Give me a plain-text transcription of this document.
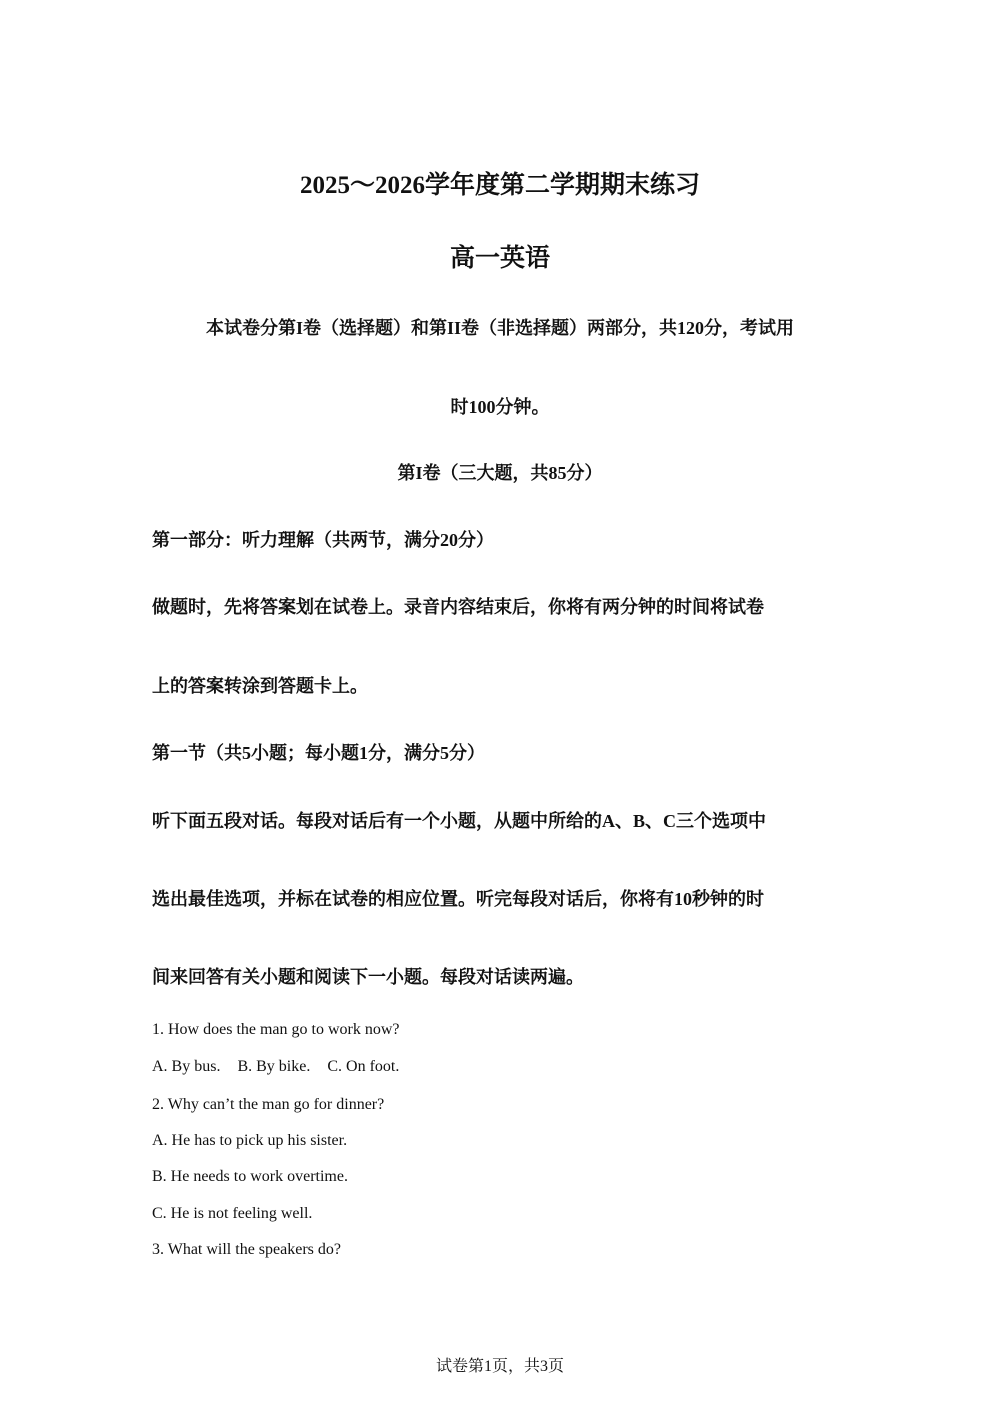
2025～2026学年度第二学期期末练习
高一英语
本试卷分第I卷（选择题）和第II卷（非选择题）两部分，共120分，考试用
时100分钟。
第I卷（三大题，共85分）
第一部分：听力理解（共两节，满分20分）
做题时，先将答案划在试卷上。录音内容结束后，你将有两分钟的时间将试卷
上的答案转涂到答题卡上。
第一节（共5小题；每小题1分，满分5分）
听下面五段对话。每段对话后有一个小题，从题中所给的A、B、C三个选项中
选出最佳选项，并标在试卷的相应位置。听完每段对话后，你将有10秒钟的时
间来回答有关小题和阅读下一小题。每段对话读两遍。
1. How does the man go to work now?
A. By bus. B. By bike. C. On foot.
2. Why can’t the man go for dinner?
A. He has to pick up his sister.
B. He needs to work overtime.
C. He is not feeling well.
3. What will the speakers do?
试卷第1页，共3页
